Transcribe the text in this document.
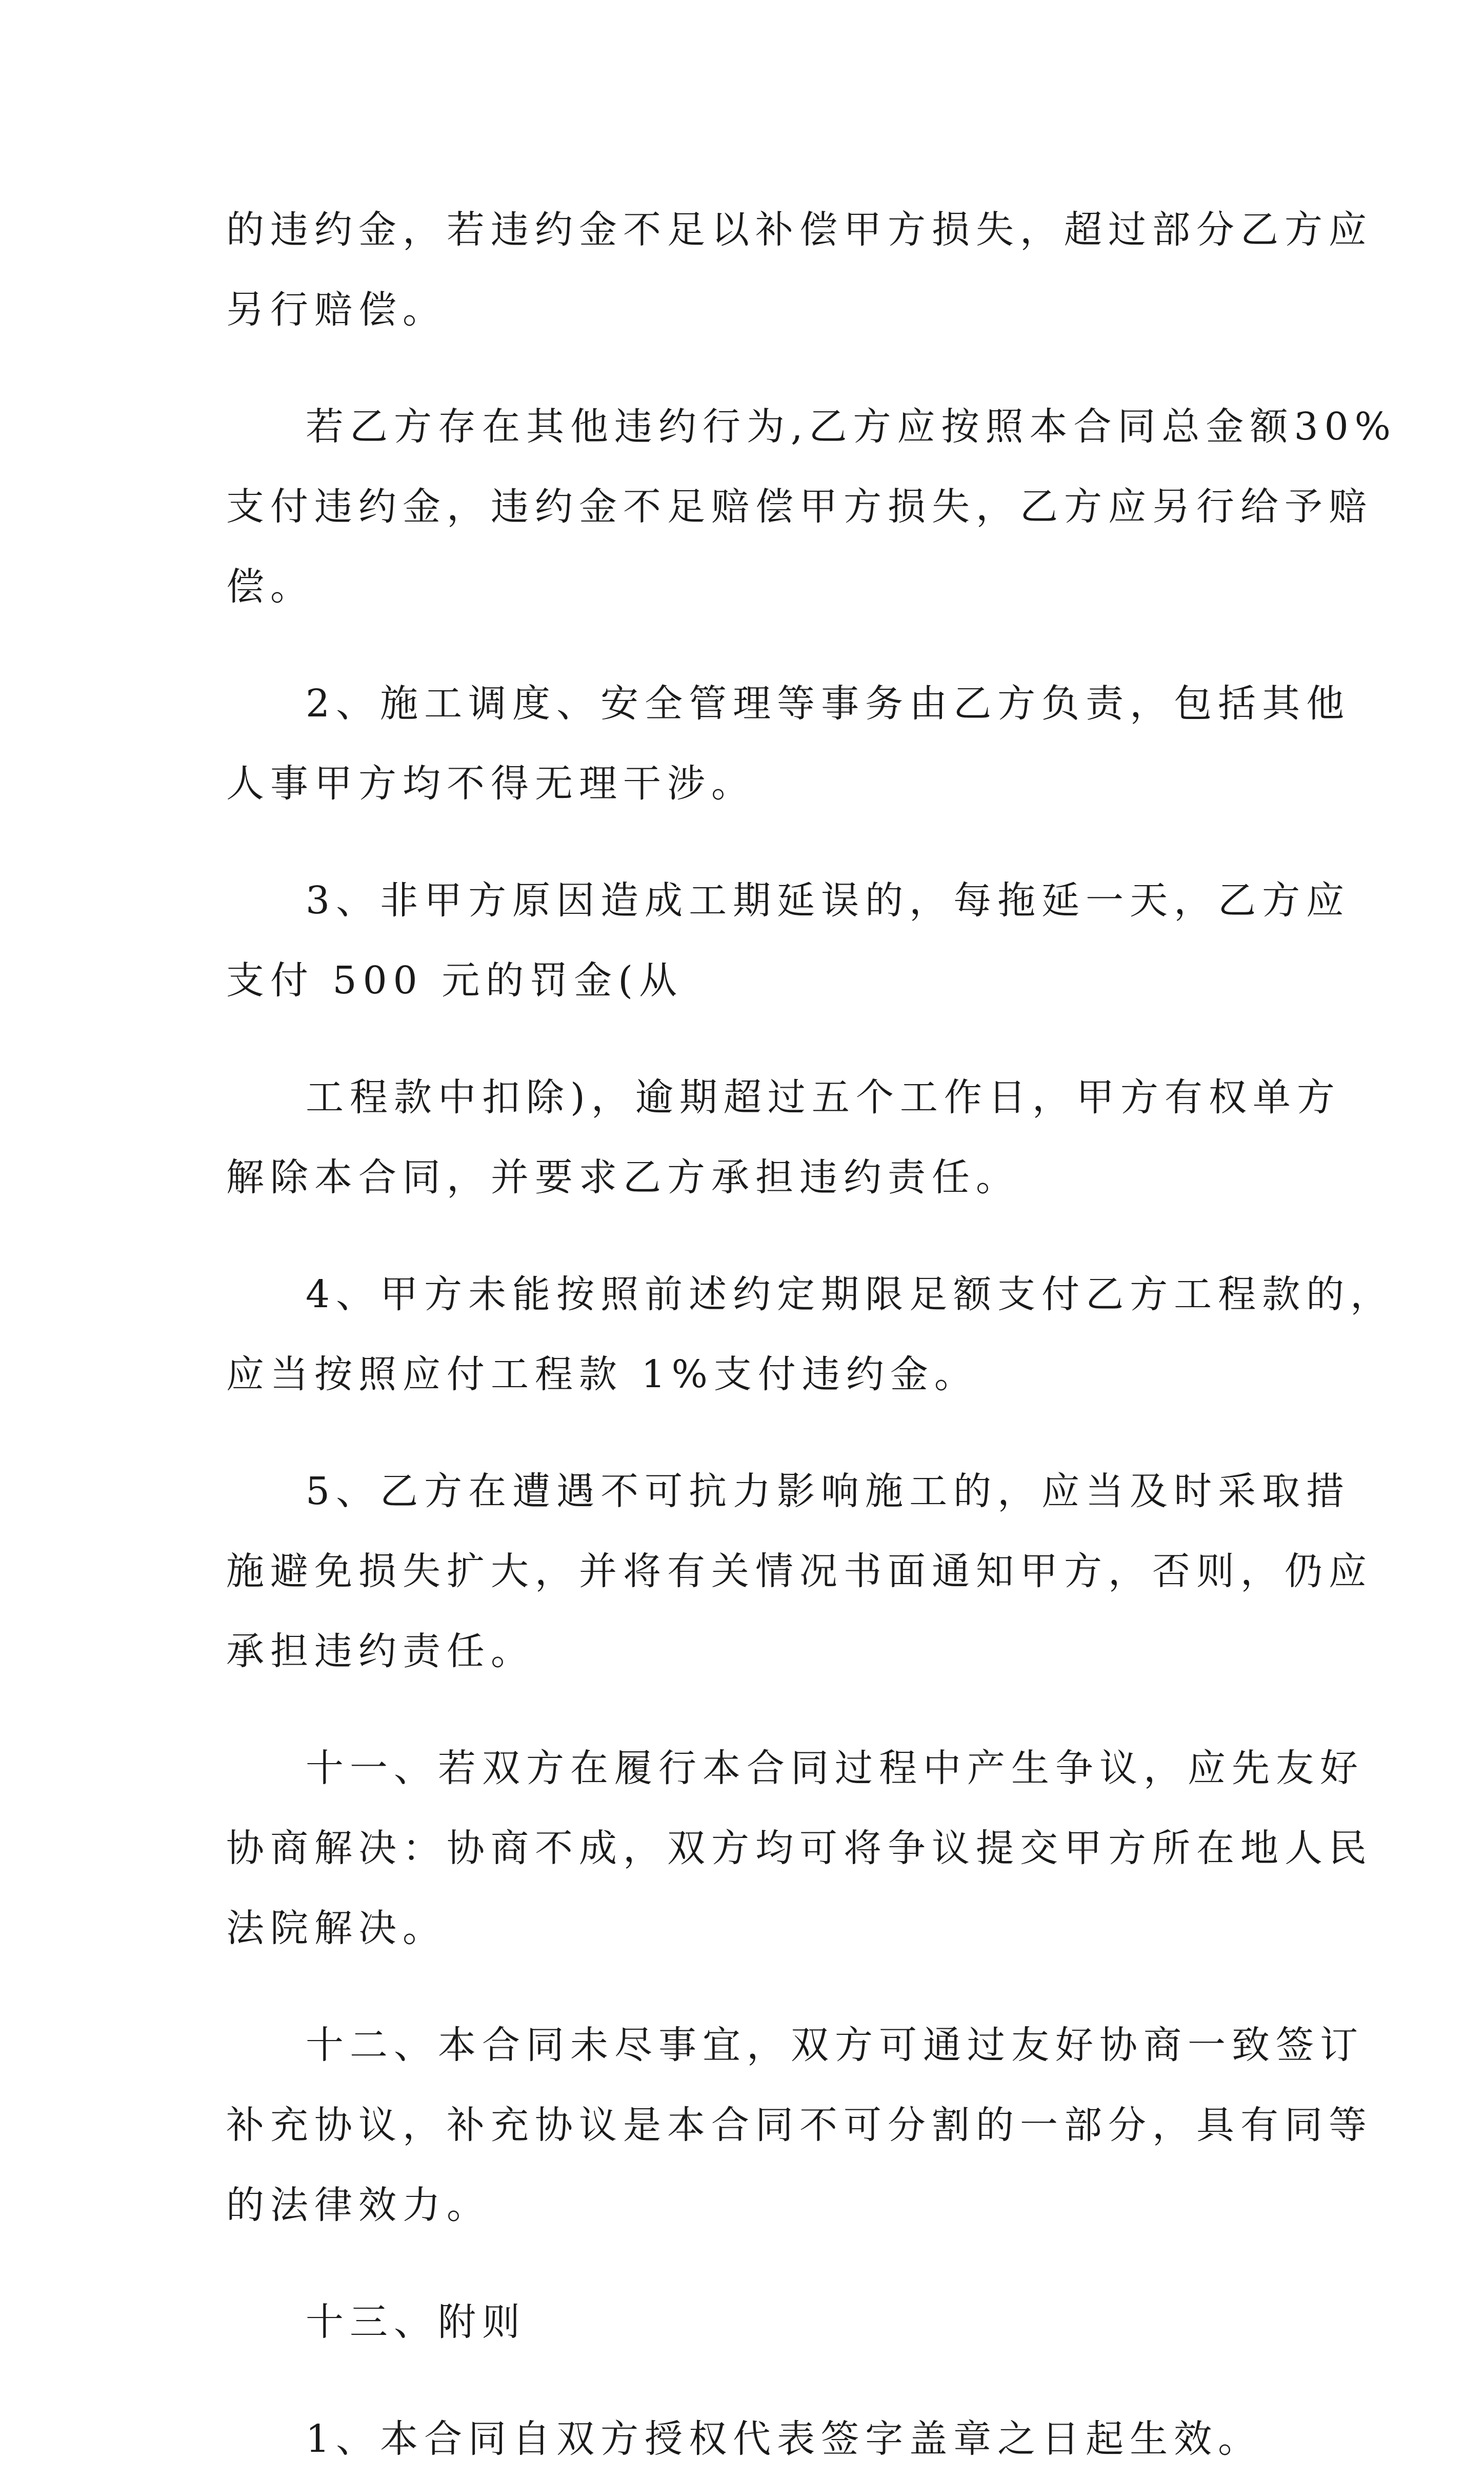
的违约金，若违约金不足以补偿甲方损失，超过部分乙方应
另行赔偿。
若乙方存在其他违约行为,乙方应按照本合同总金额30%
支付违约金，违约金不足赔偿甲方损失，乙方应另行给予赔
偿。
2、施工调度、安全管理等事务由乙方负责，包括其他
人事甲方均不得无理干涉。
3、非甲方原因造成工期延误的，每拖延一天，乙方应
支付 500 元的罚金(从
工程款中扣除)，逾期超过五个工作日，甲方有权单方
解除本合同，并要求乙方承担违约责任。
4、甲方未能按照前述约定期限足额支付乙方工程款的，
应当按照应付工程款 1%支付违约金。
5、乙方在遭遇不可抗力影响施工的，应当及时采取措
施避免损失扩大，并将有关情况书面通知甲方，否则，仍应
承担违约责任。
十一、若双方在履行本合同过程中产生争议，应先友好
协商解决：协商不成，双方均可将争议提交甲方所在地人民
法院解决。
十二、本合同未尽事宜，双方可通过友好协商一致签订
补充协议，补充协议是本合同不可分割的一部分，具有同等
的法律效力。
十三、附则
1、本合同自双方授权代表签字盖章之日起生效。
